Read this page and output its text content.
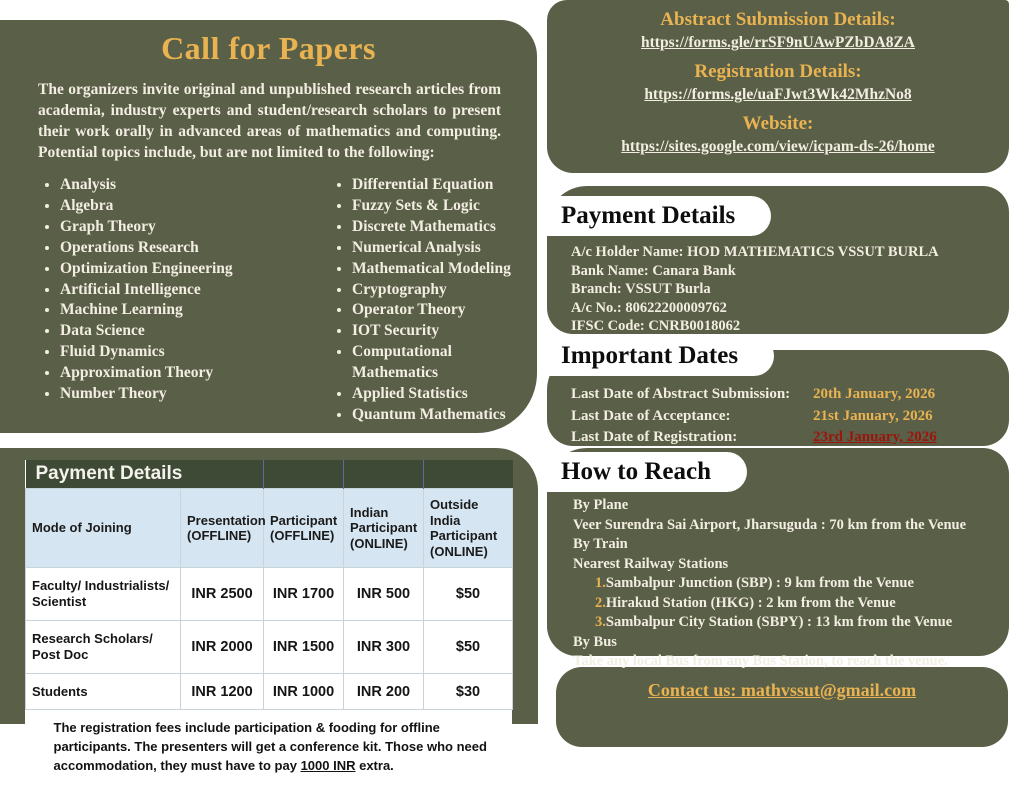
Call for Papers

The organizers invite original and unpublished research articles from academia, industry experts and student/research scholars to present their work orally in advanced areas of mathematics and computing. Potential topics include, but are not limited to the following:

• Analysis
• Algebra
• Graph Theory
• Operations Research
• Optimization Engineering
• Artificial Intelligence
• Machine Learning
• Data Science
• Fluid Dynamics
• Approximation Theory
• Number Theory
• Differential Equation
• Fuzzy Sets & Logic
• Discrete Mathematics
• Numerical Analysis
• Mathematical Modeling
• Cryptography
• Operator Theory
• IOT Security
• Computational Mathematics
• Applied Statistics
• Quantum Mathematics
Payment Details				
Mode of Joining	Presentation (OFFLINE)	Participant (OFFLINE)	Indian Participant (ONLINE)	Outside India Participant (ONLINE)
Faculty/ Industrialists/ Scientist	INR 2500	INR 1700	INR 500	$50
Research Scholars/ Post Doc	INR 2000	INR 1500	INR 300	$50
Students	INR 1200	INR 1000	INR 200	$30
The registration fees include participation & fooding for offline participants. The presenters will get a conference kit. Those who need accommodation, they must have to pay 1000 INR extra.				
Abstract Submission Details:
https://forms.gle/rrSF9nUAwPZbDA8ZA
Registration Details:
https://forms.gle/uaFJwt3Wk42MhzNo8
Website:
https://sites.google.com/view/icpam-ds-26/home
Payment Details
A/c Holder Name: HOD MATHEMATICS VSSUT BURLA
Bank Name: Canara Bank
Branch: VSSUT Burla
A/c No.: 80622200009762
IFSC Code: CNRB0018062
Important Dates
Last Date of Abstract Submission:	20th January, 2026
Last Date of Acceptance:	21st January, 2026
Last Date of Registration:	23rd January, 2026
How to Reach
By Plane
Veer Surendra Sai Airport, Jharsuguda : 70 km from the Venue
By Train
Nearest Railway Stations
1.Sambalpur Junction (SBP) : 9 km from the Venue
2.Hirakud Station (HKG) : 2 km from the Venue
3.Sambalpur City Station (SBPY) : 13 km from the Venue
By Bus
Take any local Bus from any Bus Station, to reach the venue.
Contact us: mathvssut@gmail.com
